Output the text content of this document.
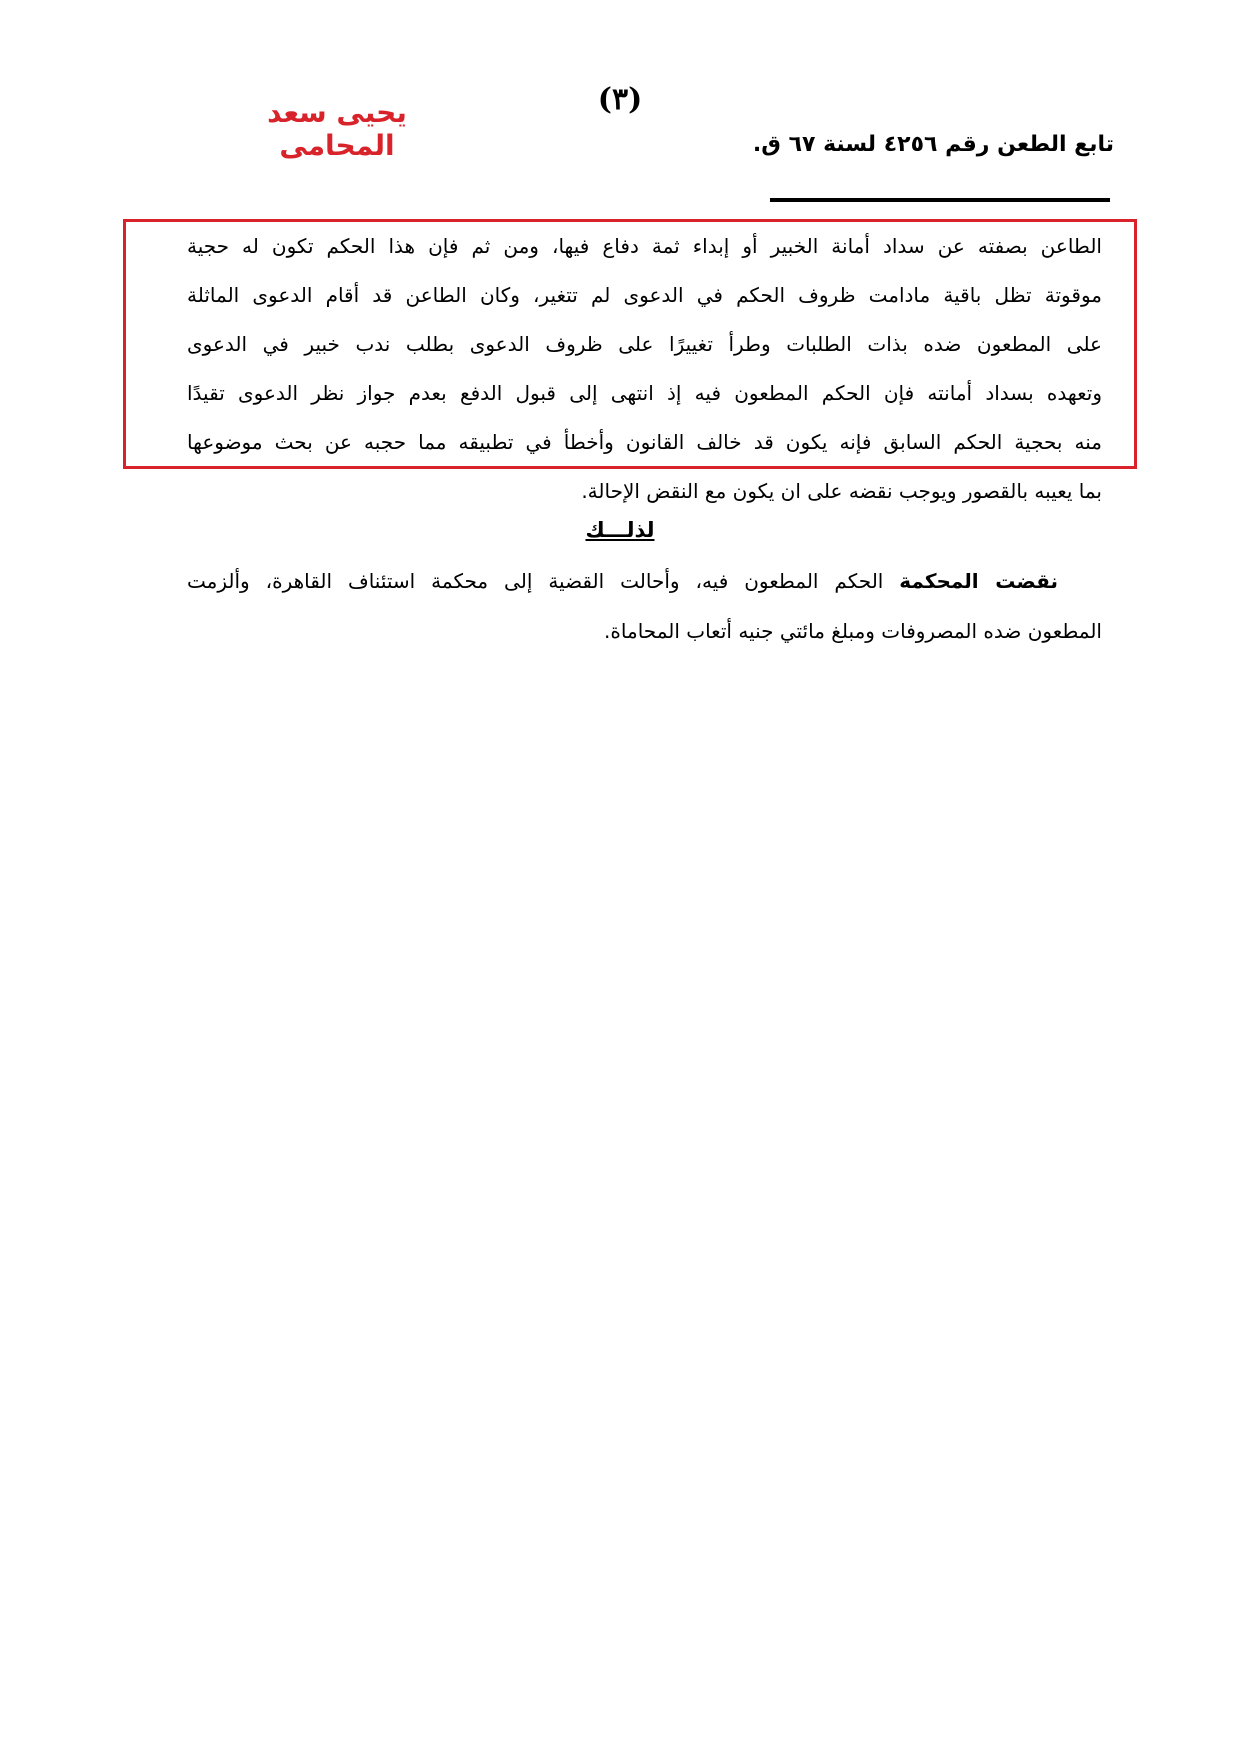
(٣)
يحيى سعد المحامى	تابع الطعن رقم ٤٢٥٦ لسنة ٦٧ ق.
الطاعن بصفته عن سداد أمانة الخبير أو إبداء ثمة دفاع فيها، ومن ثم فإن هذا الحكم تكون له حجية
موقوتة تظل باقية مادامت ظروف الحكم في الدعوى لم تتغير، وكان الطاعن قد أقام الدعوى الماثلة
على المطعون ضده بذات الطلبات وطرأ تغييرًا على ظروف الدعوى بطلب ندب خبير في الدعوى
وتعهده بسداد أمانته فإن الحكم المطعون فيه إذ انتهى إلى قبول الدفع بعدم جواز نظر الدعوى تقيدًا
منه بحجية الحكم السابق فإنه يكون قد خالف القانون وأخطأ في تطبيقه مما حجبه عن بحث موضوعها
بما يعيبه بالقصور ويوجب نقضه على ان يكون مع النقض الإحالة.
لذلـــك
نقضت المحكمة الحكم المطعون فيه، وأحالت القضية إلى محكمة استئناف القاهرة، وألزمت
المطعون ضده المصروفات ومبلغ مائتي جنيه أتعاب المحاماة.
